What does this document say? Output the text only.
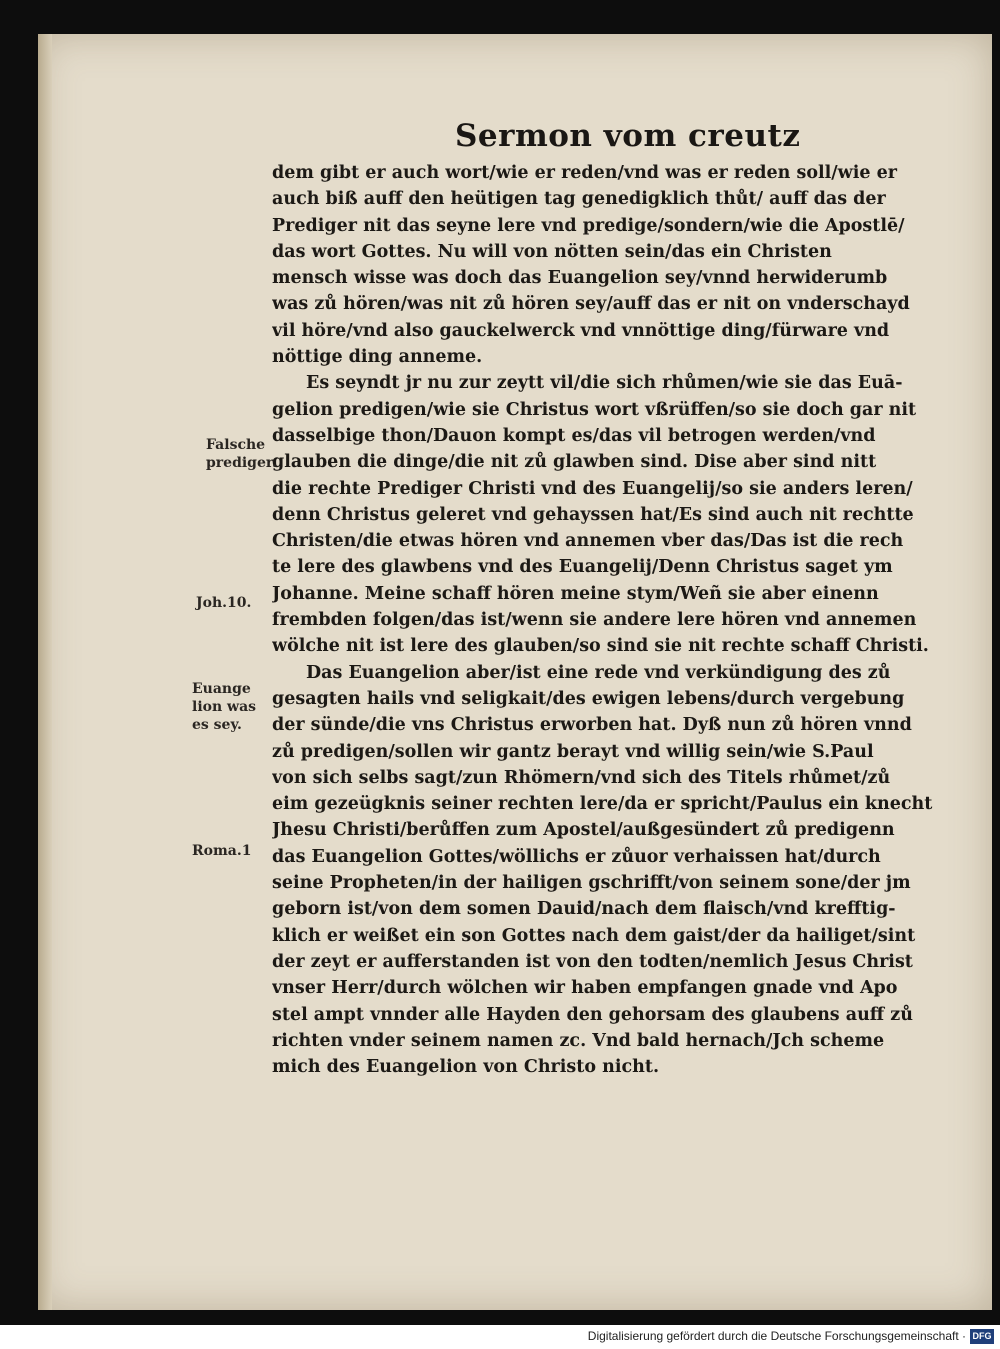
Sermon vom creutz
dem gibt er auch wort/wie er reden/vnd was er reden soll/wie er
auch biß auff den heütigen tag genedigklich thůt/ auff das der
Prediger nit das seyne lere vnd predige/sondern/wie die Apostlē/
das wort Gottes. Nu will von nötten sein/das ein Christen
mensch wisse was doch das Euangelion sey/vnnd herwiderumb
was zů hören/was nit zů hören sey/auff das er nit on vnderschayd
vil höre/vnd also gauckelwerck vnd vnnöttige ding/fürware vnd
nöttige ding anneme.
Es seyndt jr nu zur zeytt vil/die sich rhůmen/wie sie das Euā-
gelion predigen/wie sie Christus wort vßrüffen/so sie doch gar nit
dasselbige thon/Dauon kompt es/das vil betrogen werden/vnd
glauben die dinge/die nit zů glawben sind. Dise aber sind nitt
die rechte Prediger Christi vnd des Euangelij/so sie anders leren/
denn Christus geleret vnd gehayssen hat/Es sind auch nit rechtte
Christen/die etwas hören vnd annemen vber das/Das ist die rech
te lere des glawbens vnd des Euangelij/Denn Christus saget ym
Johanne. Meine schaff hören meine stym/Weñ sie aber einenn
frembden folgen/das ist/wenn sie andere lere hören vnd annemen
wölche nit ist lere des glauben/so sind sie nit rechte schaff Christi.
Das Euangelion aber/ist eine rede vnd verkündigung des zů
gesagten hails vnd seligkait/des ewigen lebens/durch vergebung
der sünde/die vns Christus erworben hat. Dyß nun zů hören vnnd
zů predigen/sollen wir gantz berayt vnd willig sein/wie S.Paul
von sich selbs sagt/zun Rhömern/vnd sich des Titels rhůmet/zů
eim gezeügknis seiner rechten lere/da er spricht/Paulus ein knecht
Jhesu Christi/berůffen zum Apostel/außgesündert zů predigenn
das Euangelion Gottes/wöllichs er zůuor verhaissen hat/durch
seine Propheten/in der hailigen gschrifft/von seinem sone/der jm
geborn ist/von dem somen Dauid/nach dem flaisch/vnd krefftig-
klich er weißet ein son Gottes nach dem gaist/der da hailiget/sint
der zeyt er aufferstanden ist von den todten/nemlich Jesus Christ
vnser Herr/durch wölchen wir haben empfangen gnade vnd Apo
stel ampt vnnder alle Hayden den gehorsam des glaubens auff zů
richten vnder seinem namen zc. Vnd bald hernach/Jch scheme
mich des Euangelion von Christo nicht.
Falsche
prediger.
Joh.10.
Euange
lion was
es sey.
Roma.1
Digitalisierung gefördert durch die Deutsche Forschungsgemeinschaft · DFG
